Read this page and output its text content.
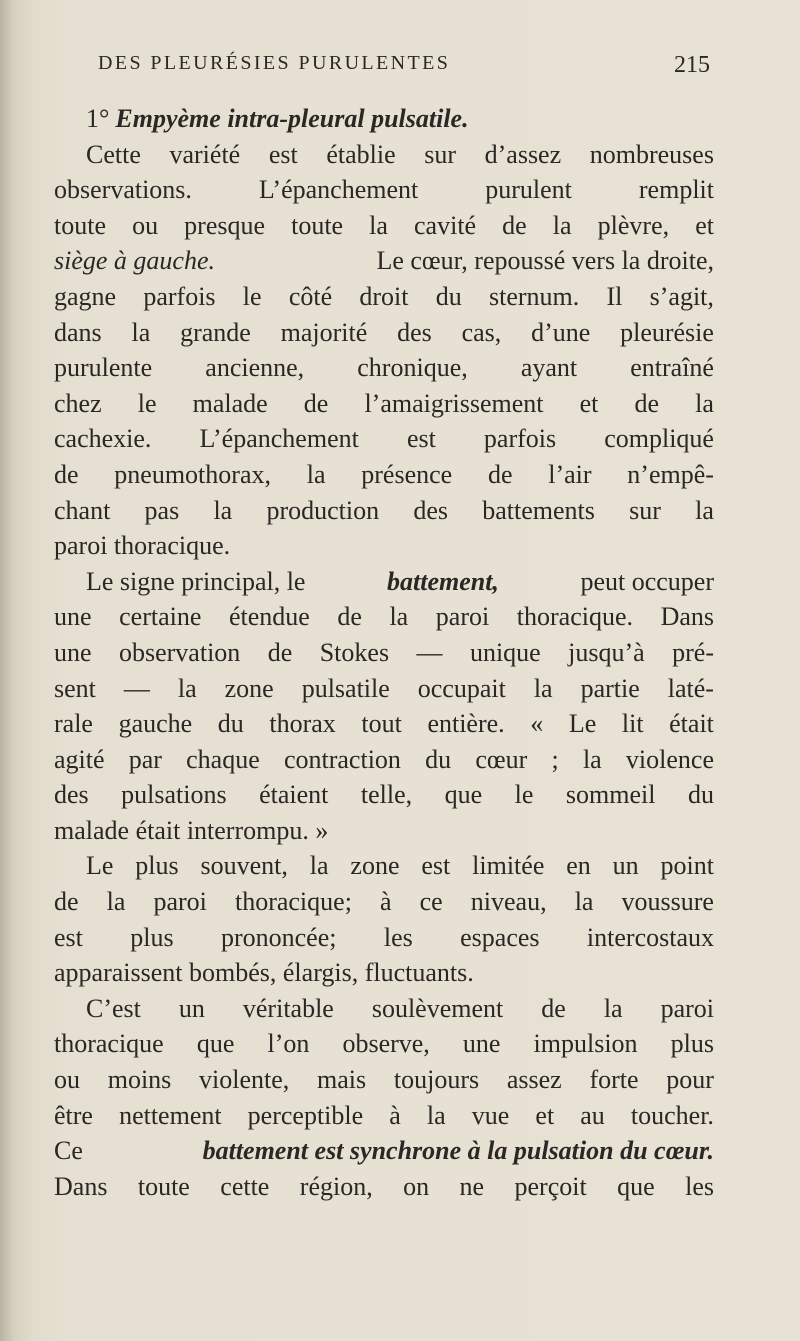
DES PLEURÉSIES PURULENTES	215
1° Empyème intra-pleural pulsatile.
Cette variété est établie sur d’assez nombreuses
observations.	L’épanchement	purulent	remplit
toute ou presque toute la cavité de la plèvre, et
siège à gauche.	Le cœur, repoussé vers la droite,
gagne parfois le côté droit du sternum. Il s’agit,
dans la grande majorité des cas, d’une pleurésie
purulente ancienne, chronique, ayant entraîné
chez le malade de l’amaigrissement et de la
cachexie. L’épanchement est parfois compliqué
de pneumothorax, la présence de l’air n’empê-
chant pas la production des battements sur la
paroi thoracique.
Le signe principal, le	battement,	peut occuper
une certaine étendue de la paroi thoracique. Dans
une observation de Stokes — unique jusqu’à pré-
sent — la zone pulsatile occupait la partie laté-
rale gauche du thorax tout entière. « Le lit était
agité par chaque contraction du cœur ; la violence
des pulsations étaient telle, que le sommeil du
malade était interrompu. »
Le plus souvent, la zone est limitée en un point
de la paroi thoracique; à ce niveau, la voussure
est plus prononcée; les espaces intercostaux
apparaissent bombés, élargis, fluctuants.
C’est un véritable soulèvement de la paroi
thoracique que l’on observe, une impulsion plus
ou moins violente, mais toujours assez forte pour
être nettement perceptible à la vue et au toucher.
Ce	battement est synchrone à la pulsation du cœur.
Dans toute cette région, on ne perçoit que les
